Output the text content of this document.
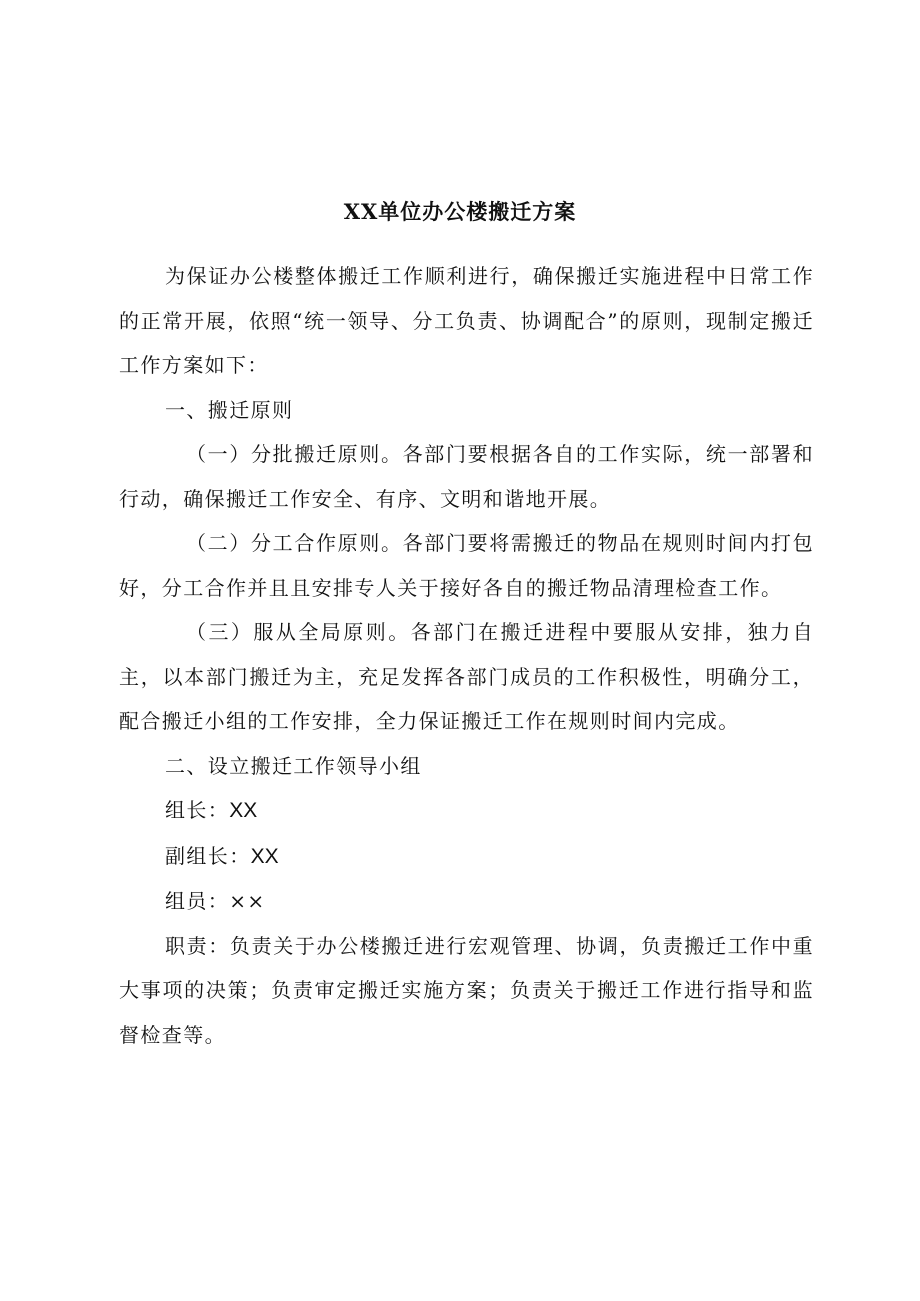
XX单位办公楼搬迁方案

为保证办公楼整体搬迁工作顺利进行，确保搬迁实施进程中日常工作的正常开展，依照“统一领导、分工负责、协调配合”的原则，现制定搬迁工作方案如下：

一、搬迁原则

（一）分批搬迁原则。各部门要根据各自的工作实际，统一部署和行动，确保搬迁工作安全、有序、文明和谐地开展。

（二）分工合作原则。各部门要将需搬迁的物品在规则时间内打包好，分工合作并且且安排专人关于接好各自的搬迁物品清理检查工作。

（三）服从全局原则。各部门在搬迁进程中要服从安排，独力自主，以本部门搬迁为主，充足发挥各部门成员的工作积极性，明确分工，配合搬迁小组的工作安排，全力保证搬迁工作在规则时间内完成。

二、设立搬迁工作领导小组

组长：XX

副组长：XX

组员：××

职责：负责关于办公楼搬迁进行宏观管理、协调，负责搬迁工作中重大事项的决策；负责审定搬迁实施方案；负责关于搬迁工作进行指导和监督检查等。
